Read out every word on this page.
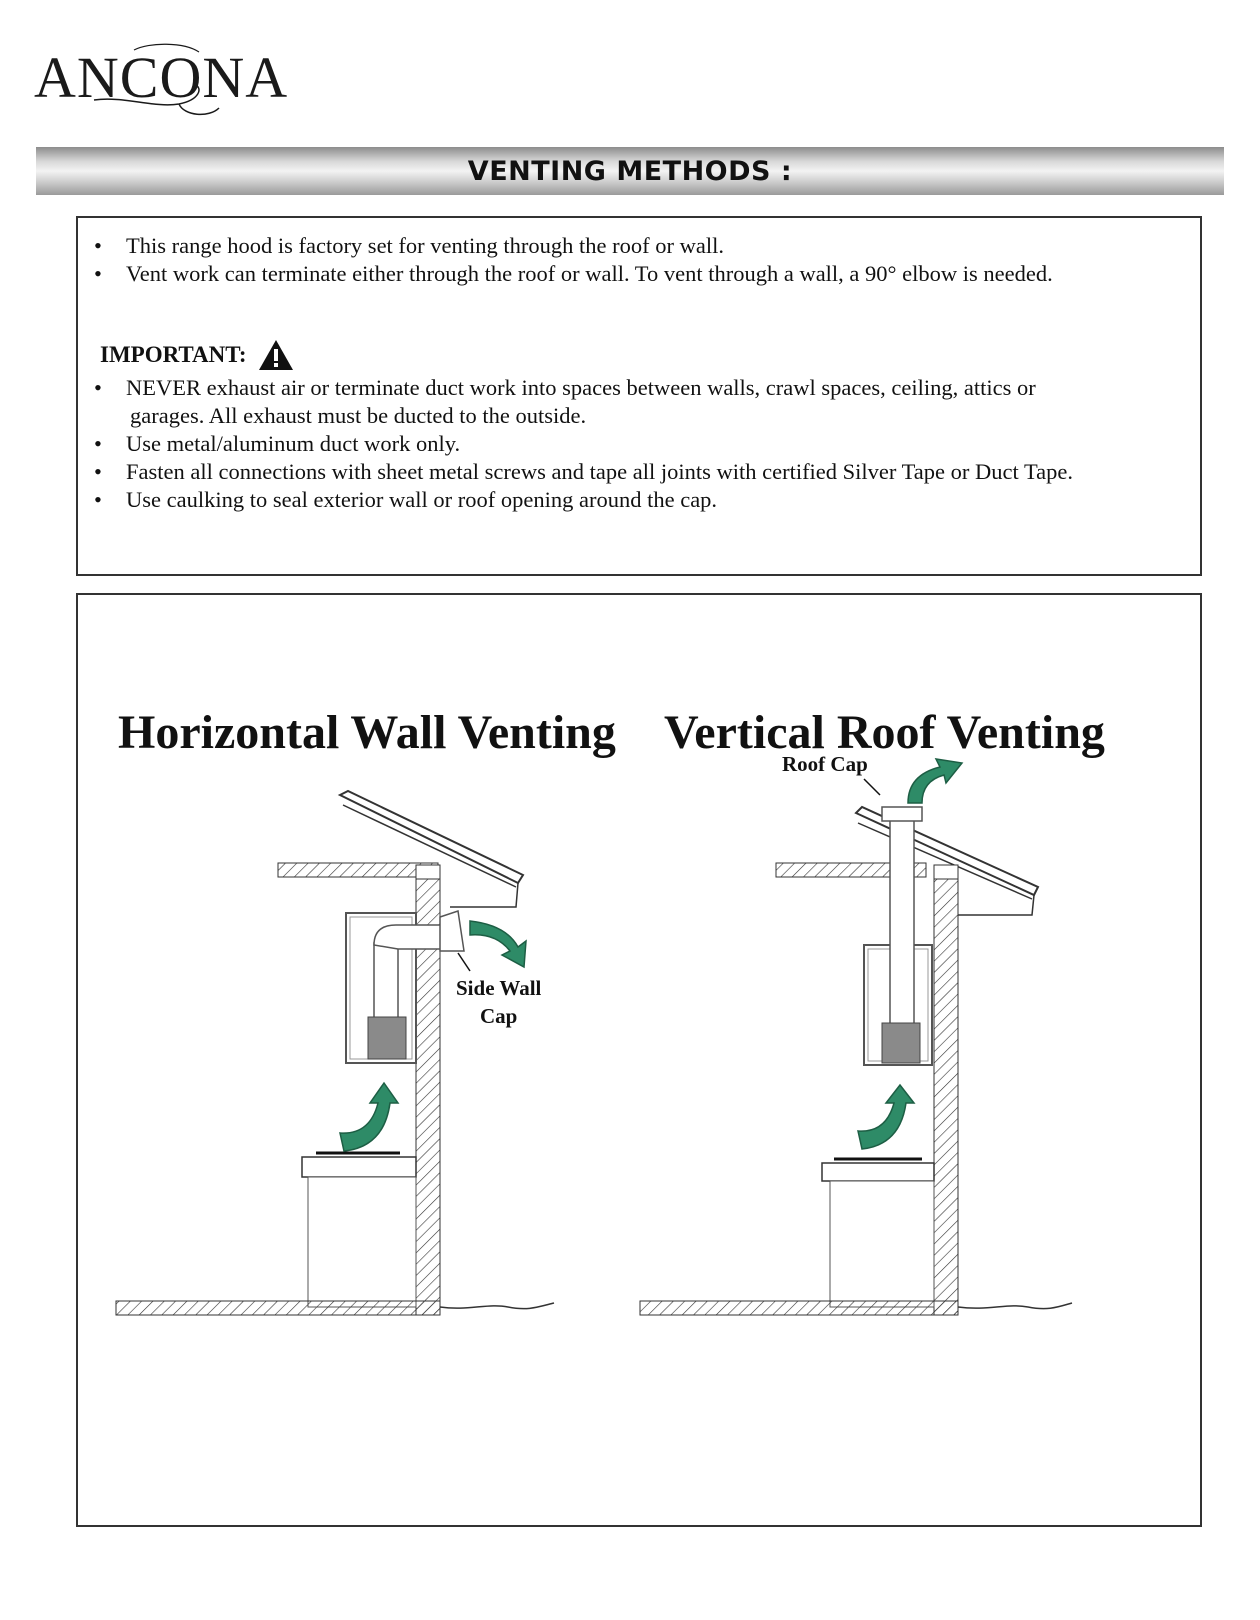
ANCONA
VENTING METHODS :
• This range hood is factory set for venting through the roof or wall.
• Vent work can terminate either through the roof or wall. To vent through a wall, a 90° elbow is needed.
IMPORTANT:
• NEVER exhaust air or terminate duct work into spaces between walls, crawl spaces, ceiling, attics or
garages. All exhaust must be ducted to the outside.
• Use metal/aluminum duct work only.
• Fasten all connections with sheet metal screws and tape all joints with certified Silver Tape or Duct Tape.
• Use caulking to seal exterior wall or roof opening around the cap.
Horizontal Wall Venting Vertical Roof Venting
Side Wall
Cap
Roof Cap
